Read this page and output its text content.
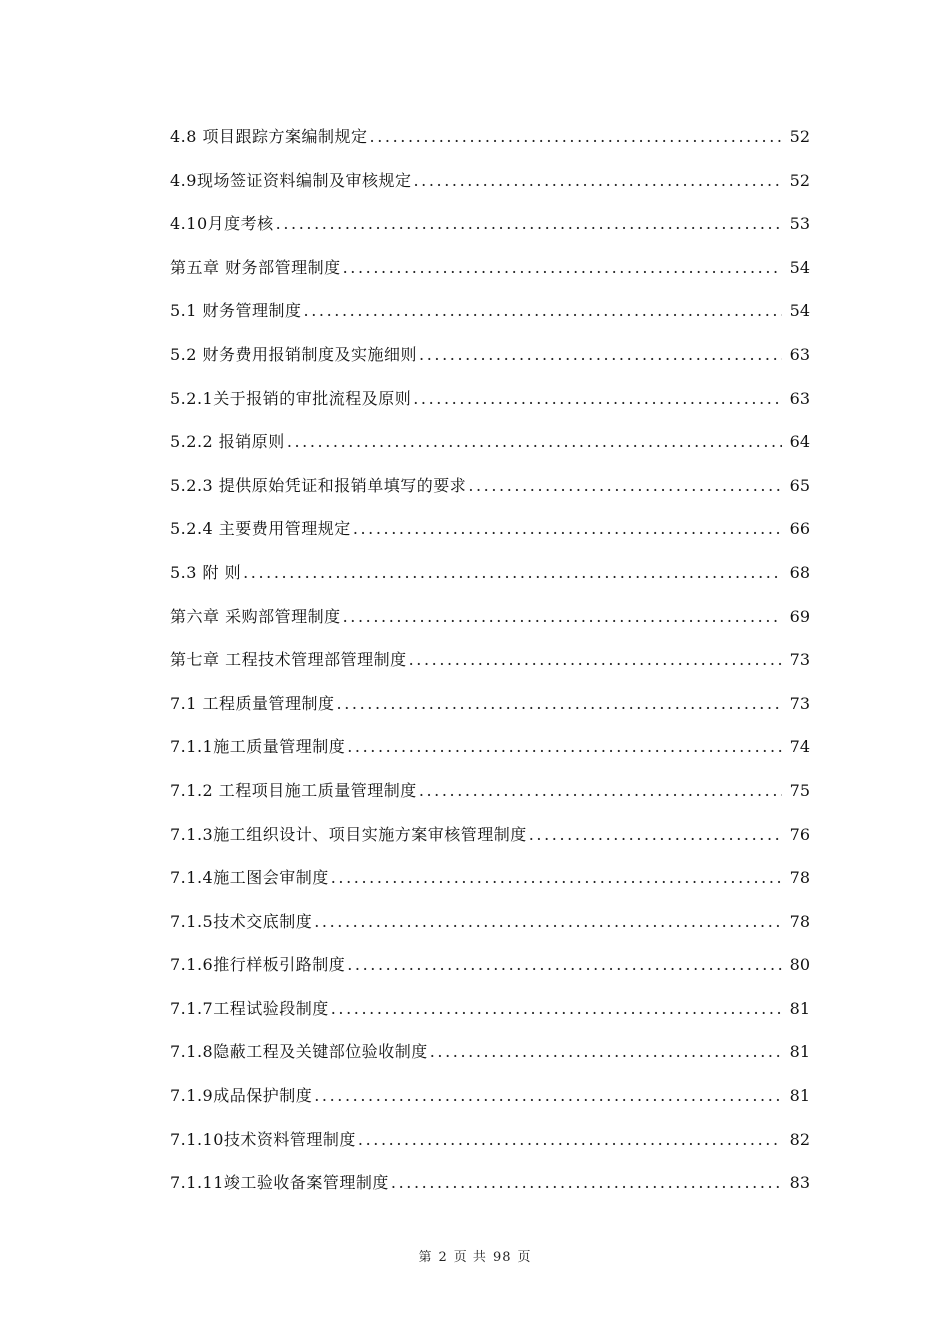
4.8 项目跟踪方案编制规定 .....	52
4.9现场签证资料编制及审核规定 .....	52
4.10月度考核 .....	53
第五章 财务部管理制度 .....	54
5.1 财务管理制度 .....	54
5.2 财务费用报销制度及实施细则 .....	63
5.2.1关于报销的审批流程及原则 .....	63
5.2.2 报销原则 .....	64
5.2.3 提供原始凭证和报销单填写的要求 .....	65
5.2.4 主要费用管理规定 .....	66
5.3 附 则 .....	68
第六章 采购部管理制度 .....	69
第七章 工程技术管理部管理制度 .....	73
7.1 工程质量管理制度 .....	73
7.1.1施工质量管理制度 .....	74
7.1.2 工程项目施工质量管理制度 .....	75
7.1.3施工组织设计、项目实施方案审核管理制度 .....	76
7.1.4施工图会审制度 .....	78
7.1.5技术交底制度 .....	78
7.1.6推行样板引路制度 .....	80
7.1.7工程试验段制度 .....	81
7.1.8隐蔽工程及关键部位验收制度 .....	81
7.1.9成品保护制度 .....	81
7.1.10技术资料管理制度 .....	82
7.1.11竣工验收备案管理制度 .....	83
第 2 页 共 98 页
